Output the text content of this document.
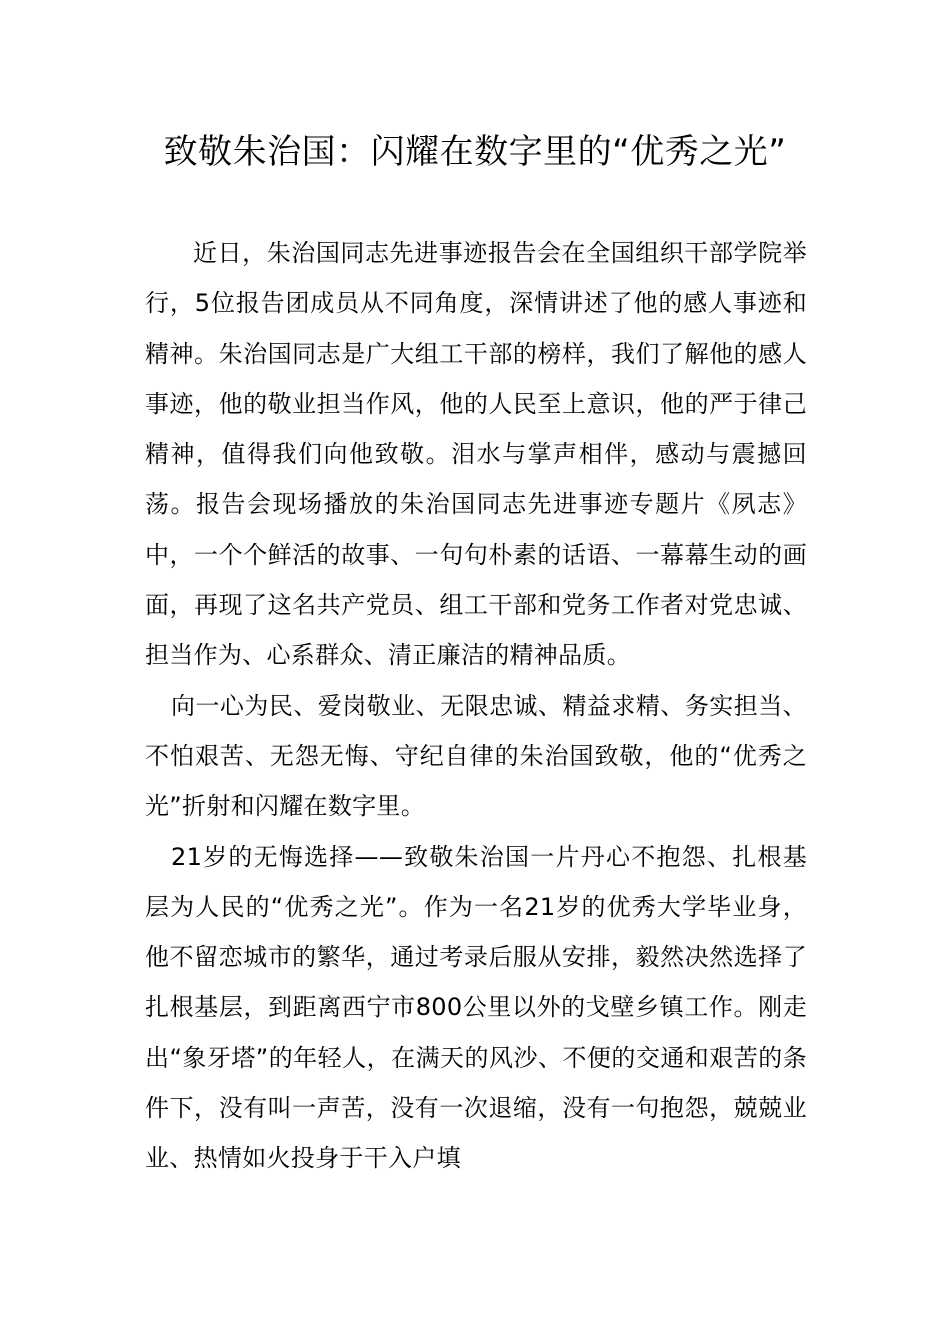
致敬朱治国：闪耀在数字里的“优秀之光”

近日，朱治国同志先进事迹报告会在全国组织干部学院举行，5位报告团成员从不同角度，深情讲述了他的感人事迹和精神。朱治国同志是广大组工干部的榜样，我们了解他的感人事迹，他的敬业担当作风，他的人民至上意识，他的严于律己精神，值得我们向他致敬。泪水与掌声相伴，感动与震撼回荡。报告会现场播放的朱治国同志先进事迹专题片《夙志》中，一个个鲜活的故事、一句句朴素的话语、一幕幕生动的画面，再现了这名共产党员、组工干部和党务工作者对党忠诚、担当作为、心系群众、清正廉洁的精神品质。

向一心为民、爱岗敬业、无限忠诚、精益求精、务实担当、不怕艰苦、无怨无悔、守纪自律的朱治国致敬，他的“优秀之光”折射和闪耀在数字里。

21岁的无悔选择——致敬朱治国一片丹心不抱怨、扎根基层为人民的“优秀之光”。作为一名21岁的优秀大学毕业身，他不留恋城市的繁华，通过考录后服从安排，毅然决然选择了扎根基层，到距离西宁市800公里以外的戈壁乡镇工作。刚走出“象牙塔”的年轻人，在满天的风沙、不便的交通和艰苦的条件下，没有叫一声苦，没有一次退缩，没有一句抱怨，兢兢业业、热情如火投身于干入户填
